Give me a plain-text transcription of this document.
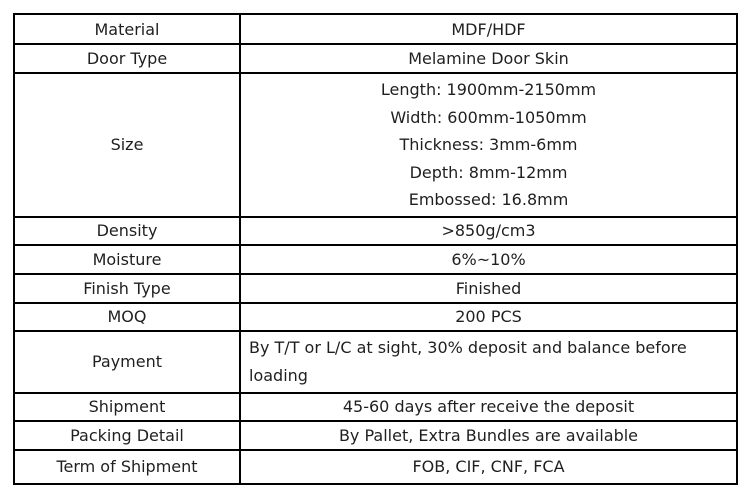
Material	MDF/HDF
Door Type	Melamine Door Skin
Size	Length: 1900mm-2150mm
Width: 600mm-1050mm
Thickness: 3mm-6mm
Depth: 8mm-12mm
Embossed: 16.8mm

Density	>850g/cm3
Moisture	6%~10%
Finish Type	Finished
MOQ	200 PCS
Payment	By T/T or L/C at sight, 30% deposit and balance before loading
Shipment	45-60 days after receive the deposit
Packing Detail	By Pallet, Extra Bundles are available
Term of Shipment	FOB, CIF, CNF, FCA
